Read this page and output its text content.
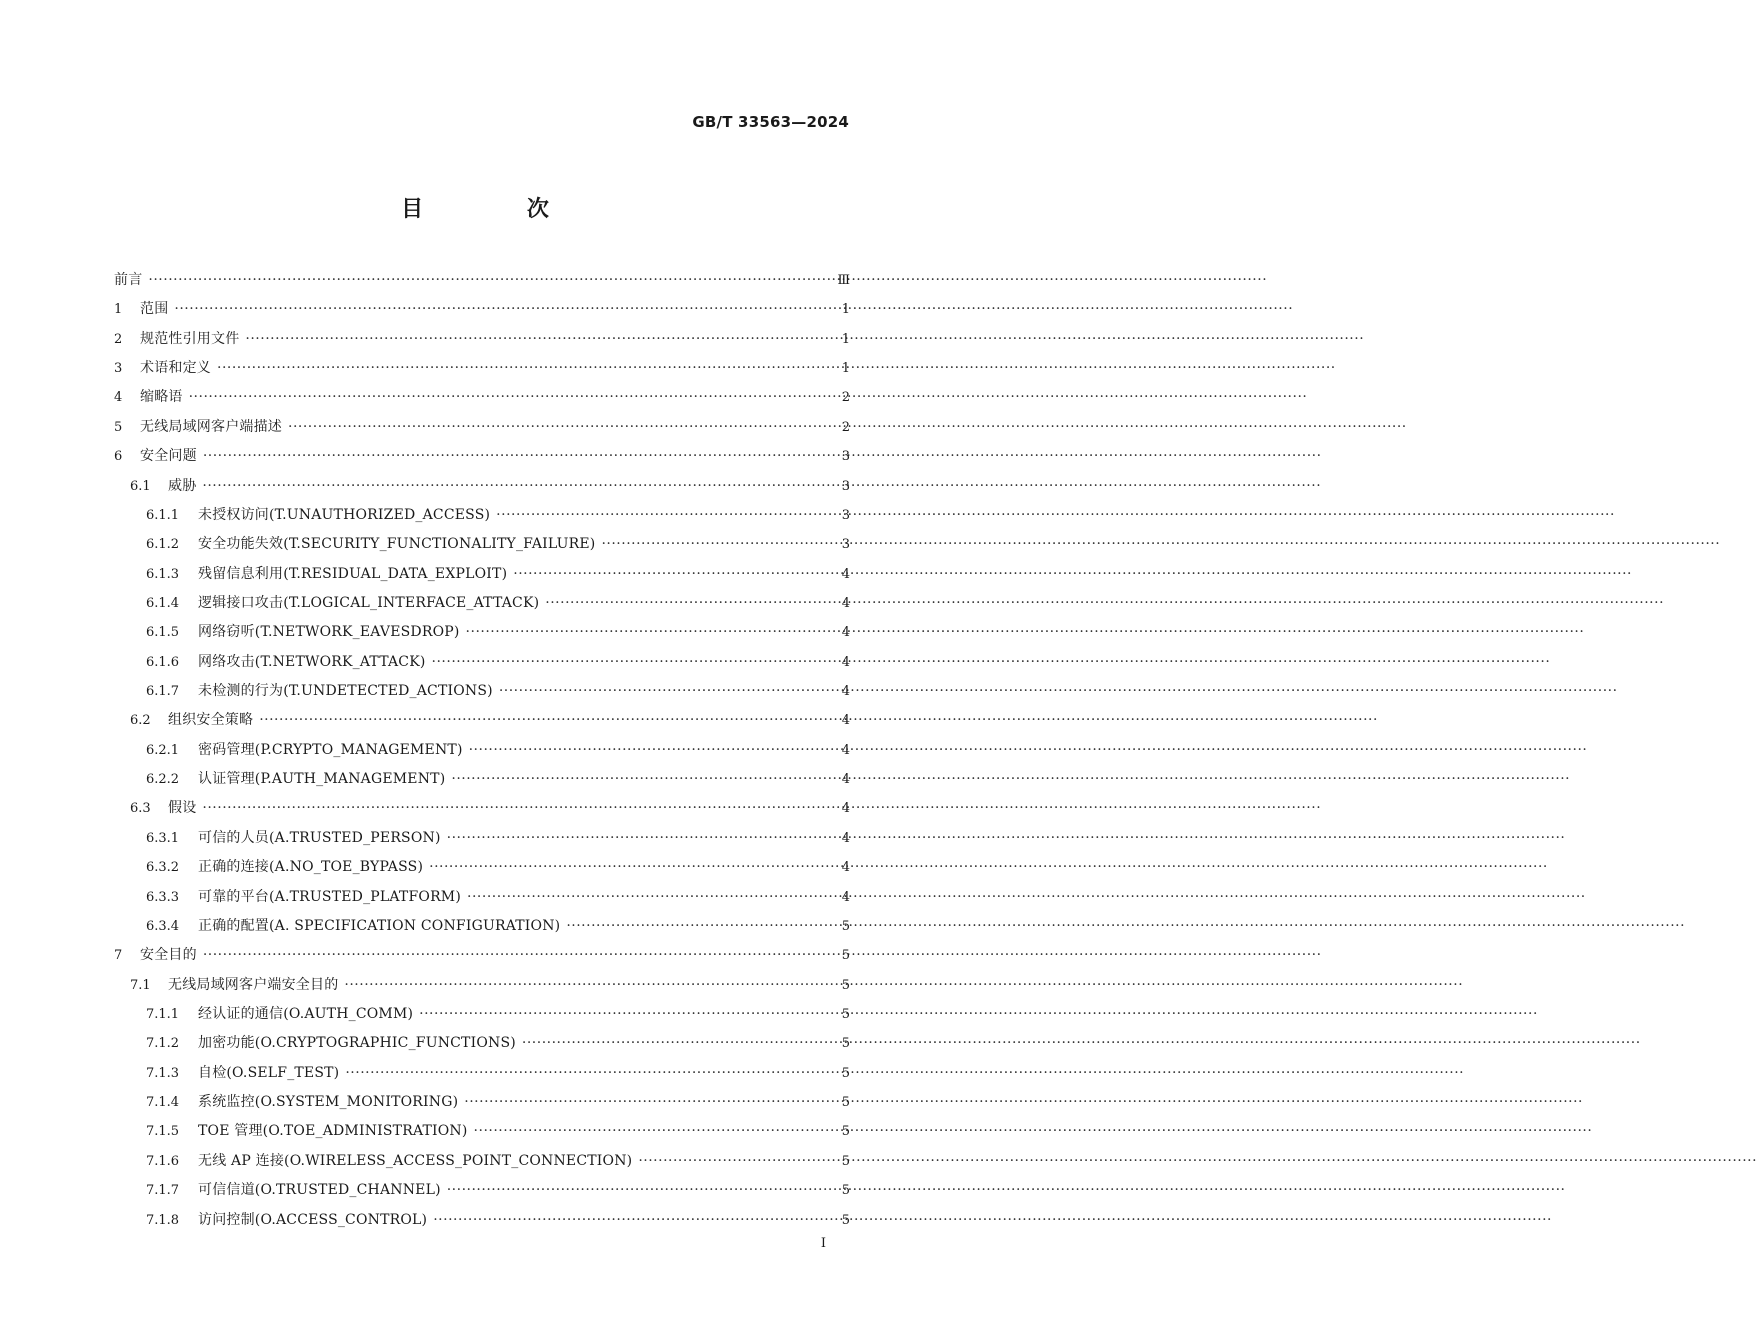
GB/T 33563—2024
目 次
前言 ·····	Ⅲ
1	范围 ·····	1
2	规范性引用文件 ·····	1
3	术语和定义 ·····	1
4	缩略语 ·····	2
5	无线局域网客户端描述 ·····	2
6	安全问题 ·····	3
6.1	威胁 ·····	3
6.1.1	未授权访问(T.UNAUTHORIZED_ACCESS) ·····	3
6.1.2	安全功能失效(T.SECURITY_FUNCTIONALITY_FAILURE) ·····	3
6.1.3	残留信息利用(T.RESIDUAL_DATA_EXPLOIT) ·····	4
6.1.4	逻辑接口攻击(T.LOGICAL_INTERFACE_ATTACK) ·····	4
6.1.5	网络窃听(T.NETWORK_EAVESDROP) ·····	4
6.1.6	网络攻击(T.NETWORK_ATTACK) ·····	4
6.1.7	未检测的行为(T.UNDETECTED_ACTIONS) ·····	4
6.2	组织安全策略 ·····	4
6.2.1	密码管理(P.CRYPTO_MANAGEMENT) ·····	4
6.2.2	认证管理(P.AUTH_MANAGEMENT) ·····	4
6.3	假设 ·····	4
6.3.1	可信的人员(A.TRUSTED_PERSON) ·····	4
6.3.2	正确的连接(A.NO_TOE_BYPASS) ·····	4
6.3.3	可靠的平台(A.TRUSTED_PLATFORM) ·····	4
6.3.4	正确的配置(A. SPECIFICATION CONFIGURATION) ·····	5
7	安全目的 ·····	5
7.1	无线局域网客户端安全目的 ·····	5
7.1.1	经认证的通信(O.AUTH_COMM) ·····	5
7.1.2	加密功能(O.CRYPTOGRAPHIC_FUNCTIONS) ·····	5
7.1.3	自检(O.SELF_TEST) ·····	5
7.1.4	系统监控(O.SYSTEM_MONITORING) ·····	5
7.1.5	TOE 管理(O.TOE_ADMINISTRATION) ·····	5
7.1.6	无线 AP 连接(O.WIRELESS_ACCESS_POINT_CONNECTION) ·····	5
7.1.7	可信信道(O.TRUSTED_CHANNEL) ·····	5
7.1.8	访问控制(O.ACCESS_CONTROL) ·····	5
I
